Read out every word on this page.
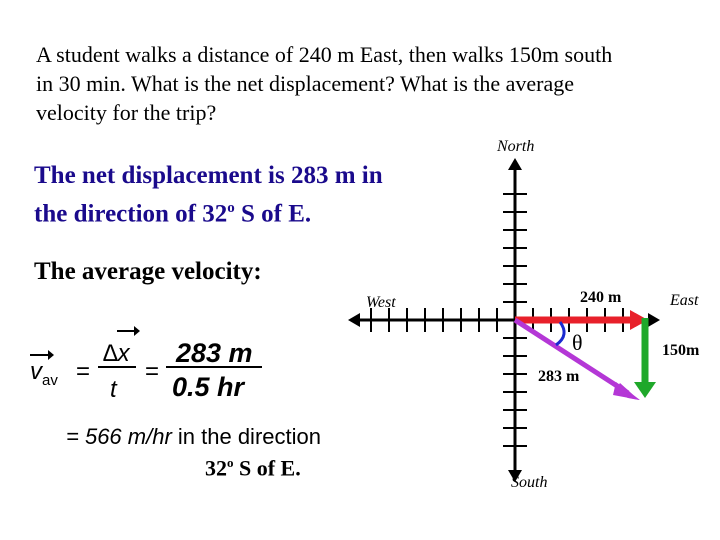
A student walks a distance of 240 m East, then walks 150m south
in 30 min. What is the net displacement? What is the average
velocity for the trip?
The net displacement is 283 m in
the direction of 32$^o$ S of E.
The average velocity:
$v_{av}$ =
∆x
t
=
283 m
0.5 hr
= 566 m/hr in the direction
32$^o$ S of E.
North
South
West	East
240 m
150m
283 m
θ
